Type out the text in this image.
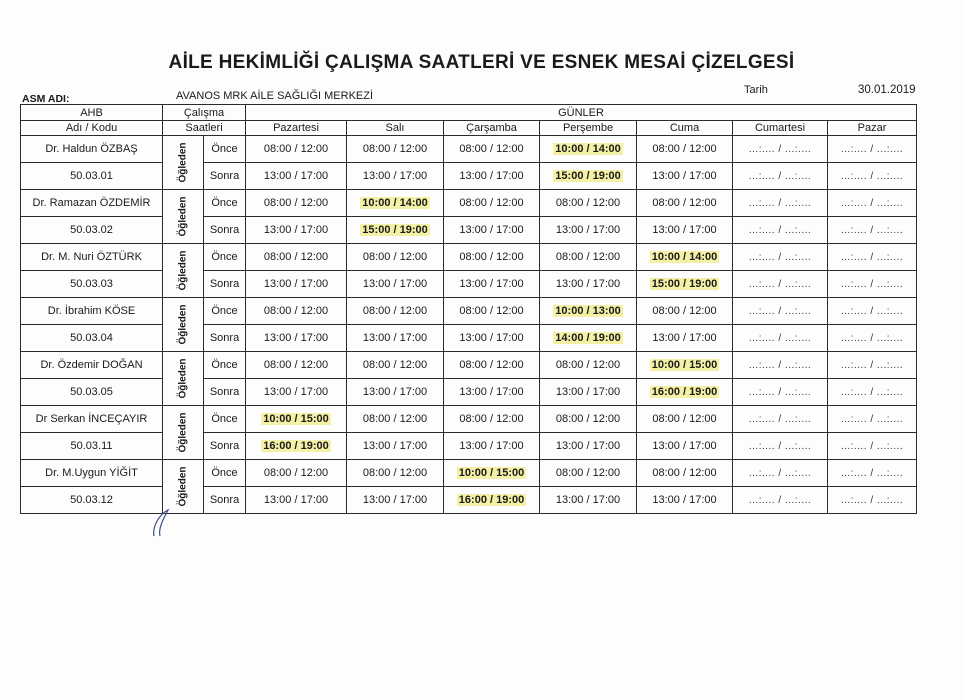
AİLE HEKİMLİĞİ ÇALIŞMA SAATLERİ VE ESNEK MESAİ ÇİZELGESİ
ASM ADI:	AVANOS MRK AİLE SAĞLIĞI MERKEZİ	Tarih	30.01.2019
AHB	Çalışma		GÜNLER						
Adı / Kodu	Saatleri		Pazartesi	Salı	Çarşamba	Perşembe	Cuma	Cumartesi	Pazar
Dr. Haldun ÖZBAŞ	Öğleden	Önce	08:00 / 12:00	08:00 / 12:00	08:00 / 12:00	10:00 / 14:00	08:00 / 12:00	...:.... / ...:....	...:.... / ...:....
50.03.01		Sonra	13:00 / 17:00	13:00 / 17:00	13:00 / 17:00	15:00 / 19:00	13:00 / 17:00	...:.... / ...:....	...:.... / ...:....
Dr. Ramazan ÖZDEMİR	Öğleden	Önce	08:00 / 12:00	10:00 / 14:00	08:00 / 12:00	08:00 / 12:00	08:00 / 12:00	...:.... / ...:....	...:.... / ...:....
50.03.02		Sonra	13:00 / 17:00	15:00 / 19:00	13:00 / 17:00	13:00 / 17:00	13:00 / 17:00	...:.... / ...:....	...:.... / ...:....
Dr. M. Nuri ÖZTÜRK	Öğleden	Önce	08:00 / 12:00	08:00 / 12:00	08:00 / 12:00	08:00 / 12:00	10:00 / 14:00	...:.... / ...:....	...:.... / ...:....
50.03.03		Sonra	13:00 / 17:00	13:00 / 17:00	13:00 / 17:00	13:00 / 17:00	15:00 / 19:00	...:.... / ...:....	...:.... / ...:....
Dr. İbrahim KÖSE	Öğleden	Önce	08:00 / 12:00	08:00 / 12:00	08:00 / 12:00	10:00 / 13:00	08:00 / 12:00	...:.... / ...:....	...:.... / ...:....
50.03.04		Sonra	13:00 / 17:00	13:00 / 17:00	13:00 / 17:00	14:00 / 19:00	13:00 / 17:00	...:.... / ...:....	...:.... / ...:....
Dr. Özdemir DOĞAN	Öğleden	Önce	08:00 / 12:00	08:00 / 12:00	08:00 / 12:00	08:00 / 12:00	10:00 / 15:00	...:.... / ...:....	...:.... / ...:....
50.03.05		Sonra	13:00 / 17:00	13:00 / 17:00	13:00 / 17:00	13:00 / 17:00	16:00 / 19:00	...:.... / ...:....	...:.... / ...:....
Dr Serkan İNCEÇAYIR	Öğleden	Önce	10:00 / 15:00	08:00 / 12:00	08:00 / 12:00	08:00 / 12:00	08:00 / 12:00	...:.... / ...:....	...:.... / ...:....
50.03.11		Sonra	16:00 / 19:00	13:00 / 17:00	13:00 / 17:00	13:00 / 17:00	13:00 / 17:00	...:.... / ...:....	...:.... / ...:....
Dr. M.Uygun YİĞİT	Öğleden	Önce	08:00 / 12:00	08:00 / 12:00	10:00 / 15:00	08:00 / 12:00	08:00 / 12:00	...:.... / ...:....	...:.... / ...:....
50.03.12		Sonra	13:00 / 17:00	13:00 / 17:00	16:00 / 19:00	13:00 / 17:00	13:00 / 17:00	...:.... / ...:....	...:.... / ...:....
